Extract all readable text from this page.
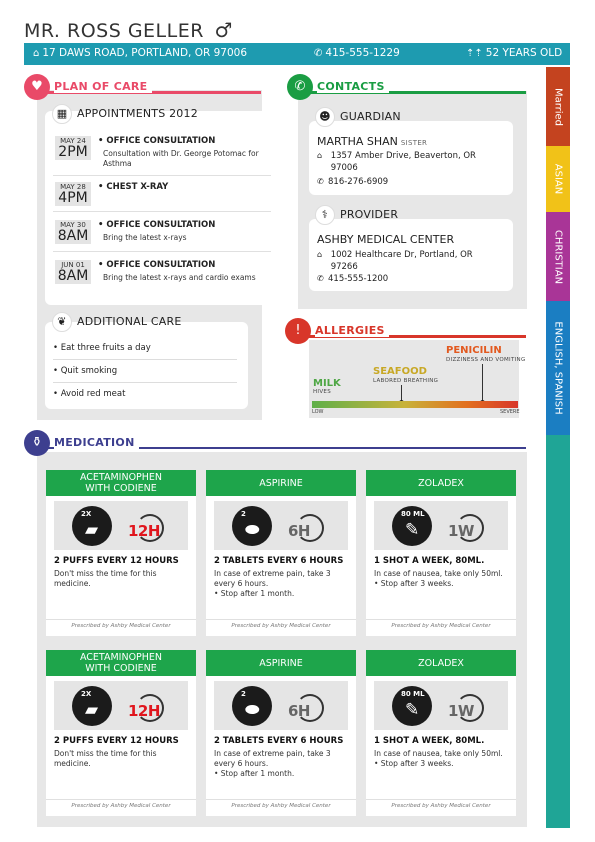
MR. ROSS GELLER ♂
⌂ 17 DAWS ROAD, PORTLAND, OR 97006	✆ 415-555-1229	⇡⇡ 52 YEARS OLD
Married
ASIAN
CHRISTIAN
ENGLISH, SPANISH
♥	PLAN OF CARE
▦ APPOINTMENTS 2012
MAY 24
2PM
• OFFICE CONSULTATION
Consultation with Dr. George Potomac for Asthma
MAY 28
4PM
• CHEST X-RAY
MAY 30
8AM
• OFFICE CONSULTATION
Bring the latest x-rays
JUN 01
8AM
• OFFICE CONSULTATION
Bring the latest x-rays and cardio exams
❦ ADDITIONAL CARE
• Eat three fruits a day
• Quit smoking
• Avoid red meat
✆	CONTACTS
☻ GUARDIAN
MARTHA SHAN SISTER
⌂ 1357 Amber Drive, Beaverton, OR 97006
✆ 816-276-6909
⚕ PROVIDER
ASHBY MEDICAL CENTER
⌂ 1002 Healthcare Dr, Portland, OR 97266
✆ 415-555-1200
!	ALLERGIES
MILK
HIVES
SEAFOOD
LABORED BREATHING
PENICILIN
DIZZINESS AND VOMITING
LOW	SEVERE
⚱	MEDICATION
ACETAMINOPHEN WITH CODIENE
2X
▰ 12H
2 PUFFS EVERY 12 HOURS
Don't miss the time for this medicine.
Prescribed by Ashby Medical Center
ASPIRINE
2
⬬ 6H
2 TABLETS EVERY 6 HOURS
In case of extreme pain, take 3 every 6 hours.
• Stop after 1 month.
Prescribed by Ashby Medical Center
ZOLADEX
80 ML
✎ 1W
1 SHOT A WEEK, 80ML.
In case of nausea, take only 50ml.
• Stop after 3 weeks.
Prescribed by Ashby Medical Center
ACETAMINOPHEN WITH CODIENE
2X
▰ 12H
2 PUFFS EVERY 12 HOURS
Don't miss the time for this medicine.
Prescribed by Ashby Medical Center
ASPIRINE
2
⬬ 6H
2 TABLETS EVERY 6 HOURS
In case of extreme pain, take 3 every 6 hours.
• Stop after 1 month.
Prescribed by Ashby Medical Center
ZOLADEX
80 ML
✎ 1W
1 SHOT A WEEK, 80ML.
In case of nausea, take only 50ml.
• Stop after 3 weeks.
Prescribed by Ashby Medical Center
